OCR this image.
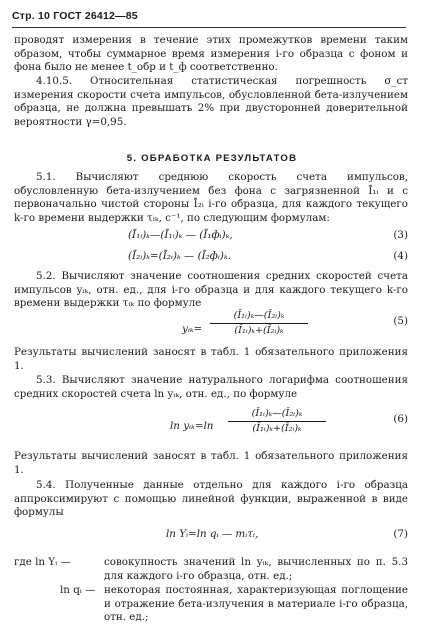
Стр. 10 ГОСТ 26412—85
проводят измерения в течение этих промежутков времени таким образом, чтобы суммарное время измерения i-го образца с фоном и фона было не менее t_обр и t_ф соответственно.
4.10.5. Относительная статистическая погрешность σ_ст измерения скорости счета импульсов, обусловленной бета-излучением образца, не должна превышать 2% при двусторонней доверительной вероятности γ=0,95.
5. ОБРАБОТКА РЕЗУЛЬТАТОВ
5.1. Вычисляют среднюю скорость счета импульсов, обусловленную бета-излучением без фона с загрязненной Ī₁ᵢ и с первоначально чистой стороны Ī₂ᵢ i-го образца, для каждого текущего k-го времени выдержки τᵢₖ, с⁻¹, по следующим формулам:
(Ī₁ᵢ)ₖ—(Ī₁ᵢ)ₖ — (Ī₁фᵢ)ₖ,	(3)
(Ī₂ᵢ)ₖ=(Ī₂ᵢ)ₖ — (Ī₂фᵢ)ₖ.	(4)
5.2. Вычисляют значение соотношения средних скоростей счета импульсов yᵢₖ, отн. ед., для i-го образца и для каждого текущего k-го времени выдержки τᵢₖ по формуле
yᵢₖ=
(Ī₁ᵢ)ₖ—(Ī₂ᵢ)ₖ
(Ī₁ᵢ)ₖ+(Ī₂ᵢ)ₖ
(5)
Результаты вычислений заносят в табл. 1 обязательного приложения 1.
5.3. Вычисляют значение натурального логарифма соотношения средних скоростей счета ln yᵢₖ, отн. ед., по формуле
ln yᵢₖ=ln
(Ī₁ᵢ)ₖ—(Ī₂ᵢ)ₖ
(Ī₁ᵢ)ₖ+(Ī₂ᵢ)ₖ
(6)
Результаты вычислений заносят в табл. 1 обязательного приложения 1.
5.4. Полученные данные отдельно для каждого i-го образца аппроксимируют с помощью линейной функции, выраженной в виде формулы
ln Yᵢ=ln qᵢ — mᵢτᵢ,	(7)
где ln Yᵢ —	совокупность значений ln yᵢₖ, вычисленных по п. 5.3 для каждого i-го образца, отн. ед.;
ln qᵢ — некоторая постоянная, характеризующая поглощение и отражение бета-излучения в материале i-го образца, отн. ед.;
